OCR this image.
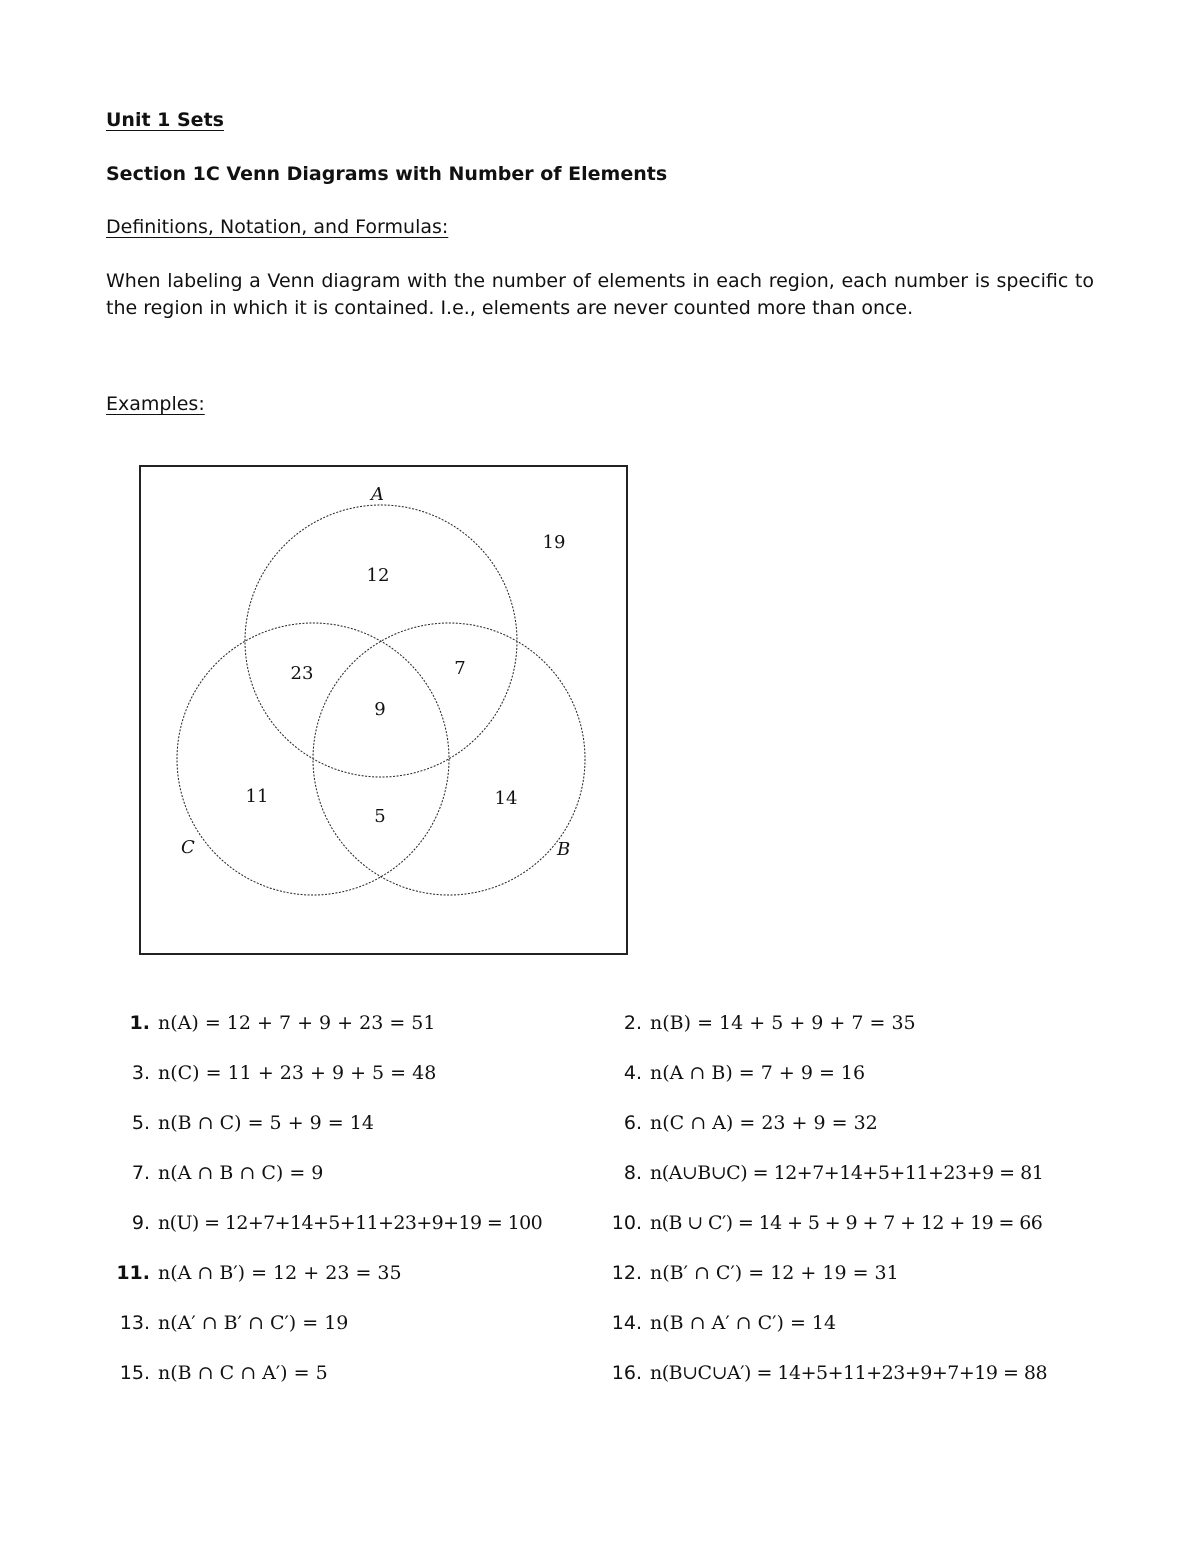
Unit 1 Sets
Section 1C Venn Diagrams with Number of Elements
Definitions, Notation, and Formulas:

When labeling a Venn diagram with the number of elements in each region, each number is specific to the region in which it is contained. I.e., elements are never counted more than once.

Examples:
A
B
C
12
19
23	7
9
11	14
5
1. n(A) = 12 + 7 + 9 + 23 = 51	2. n(B) = 14 + 5 + 9 + 7 = 35
3. n(C) = 11 + 23 + 9 + 5 = 48	4. n(A ∩ B) = 7 + 9 = 16
5. n(B ∩ C) = 5 + 9 = 14	6. n(C ∩ A) = 23 + 9 = 32
7. n(A ∩ B ∩ C) = 9	8. n(A∪B∪C) = 12+7+14+5+11+23+9 = 81
9. n(U) = 12+7+14+5+11+23+9+19 = 100	10. n(B ∪ C′) = 14 + 5 + 9 + 7 + 12 + 19 = 66
11. n(A ∩ B′) = 12 + 23 = 35	12. n(B′ ∩ C′) = 12 + 19 = 31
13. n(A′ ∩ B′ ∩ C′) = 19	14. n(B ∩ A′ ∩ C′) = 14
15. n(B ∩ C ∩ A′) = 5	16. n(B∪C∪A′) = 14+5+11+23+9+7+19 = 88
